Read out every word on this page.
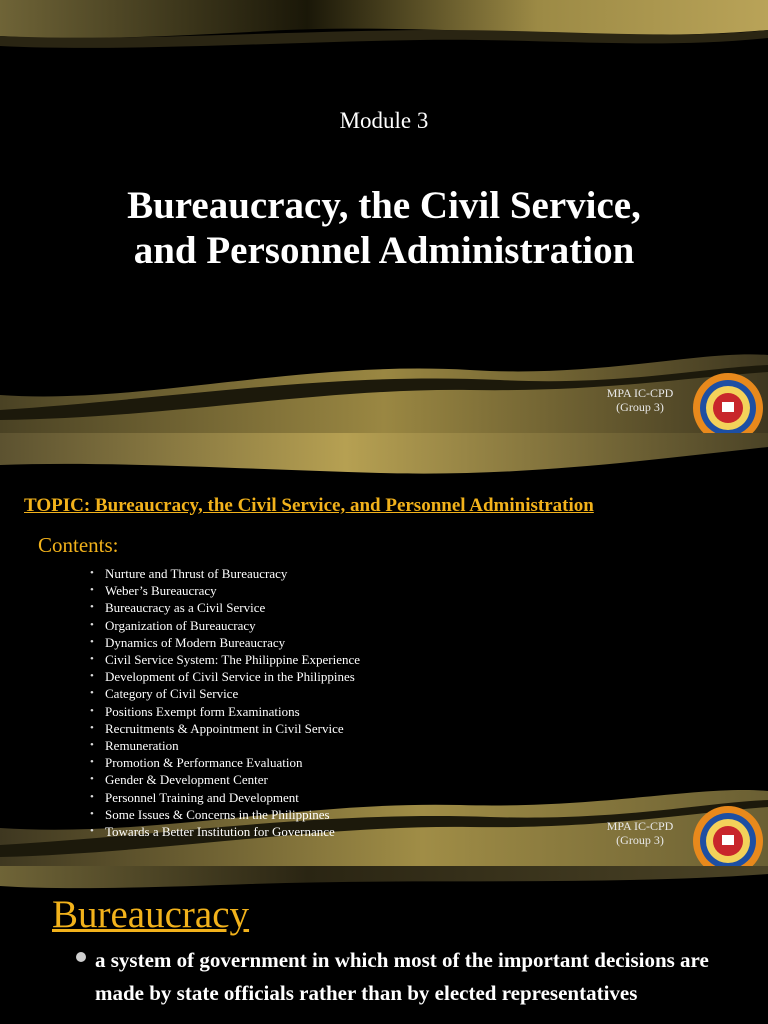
Module 3
Bureaucracy, the Civil Service,
and Personnel Administration
MPA IC-CPD
(Group 3)
TOPIC: Bureaucracy, the Civil Service, and Personnel Administration
Contents:
• Nurture and Thrust of Bureaucracy
• Weber’s Bureaucracy
• Bureaucracy as a Civil Service
• Organization of Bureaucracy
• Dynamics of Modern Bureaucracy
• Civil Service System: The Philippine Experience
• Development of Civil Service in the Philippines
• Category of Civil Service
• Positions Exempt form Examinations
• Recruitments & Appointment in Civil Service
• Remuneration
• Promotion & Performance Evaluation
• Gender & Development Center
• Personnel Training and Development
• Some Issues & Concerns in the Philippines
• Towards a Better Institution for Governance	MPA IC-CPD
(Group 3)
Bureaucracy
a system of government in which most of the important decisions are made by state officials rather than by elected representatives
